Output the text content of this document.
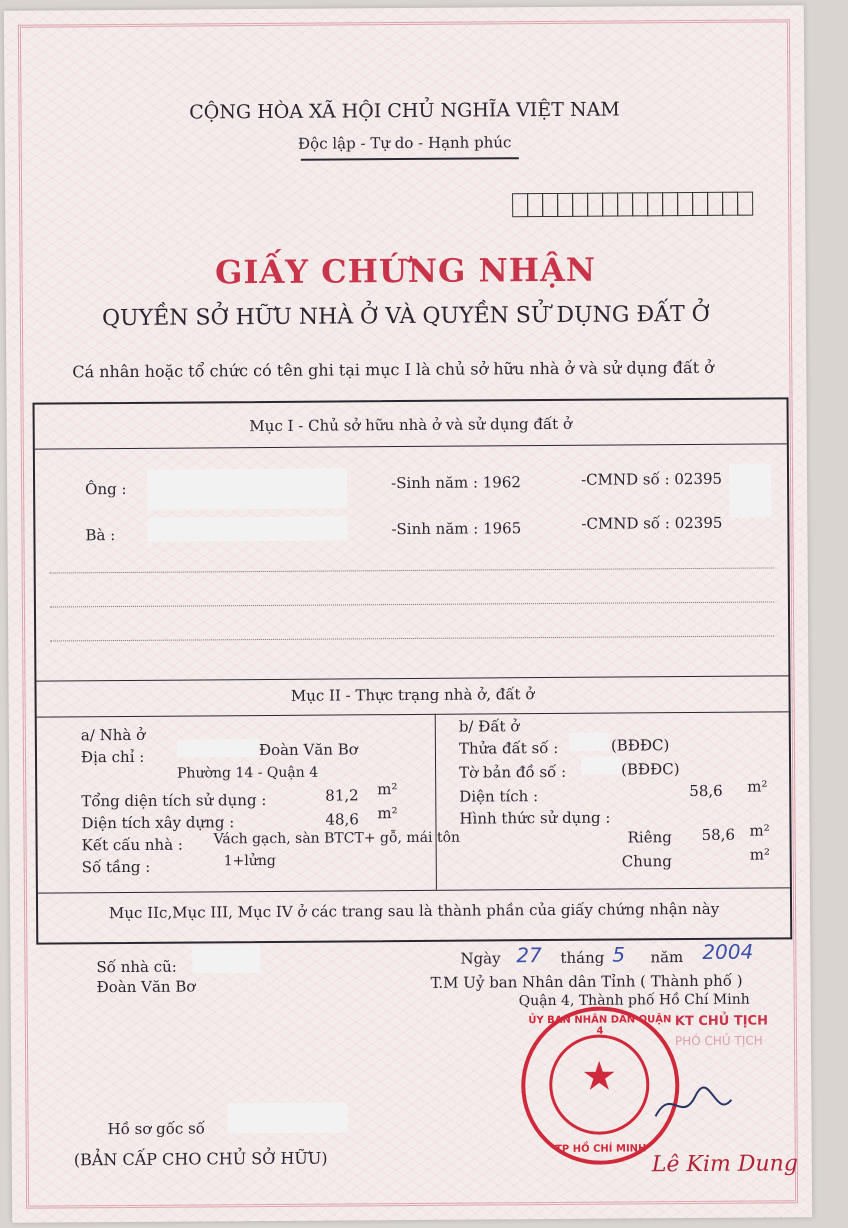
CỘNG HÒA XÃ HỘI CHỦ NGHĨA VIỆT NAM
Độc lập - Tự do - Hạnh phúc
GIẤY CHỨNG NHẬN
QUYỀN SỞ HỮU NHÀ Ở VÀ QUYỀN SỬ DỤNG ĐẤT Ở
Cá nhân hoặc tổ chức có tên ghi tại mục I là chủ sở hữu nhà ở và sử dụng đất ở
Mục I - Chủ sở hữu nhà ở và sử dụng đất ở
Ông :	-Sinh năm : 1962	-CMND số : 02395
Bà :	-Sinh năm : 1965	-CMND số : 02395
Mục II - Thực trạng nhà ở, đất ở
a/ Nhà ở
Địa chỉ :	Đoàn Văn Bơ
Phường 14 - Quận 4
Tổng diện tích sử dụng :	81,2 m²
Diện tích xây dựng :	48,6 m²
Kết cấu nhà : Vách gạch, sàn BTCT+ gỗ, mái tôn
Số tầng :	1+lửng
b/ Đất ở
Thửa đất số :	(BĐĐC)
Tờ bản đồ số :	(BĐĐC)
Diện tích :	58,6 m²
Hình thức sử dụng :
Riêng 58,6 m²
Chung	m²
Mục IIc,Mục III, Mục IV ở các trang sau là thành phần của giấy chứng nhận này
Số nhà cũ:
Đoàn Văn Bơ
Ngày 27 tháng 5 năm 2004
T.M Uỷ ban Nhân dân Tỉnh ( Thành phố )
Quận 4, Thành phố Hồ Chí Minh
KT CHỦ TỊCH
PHÓ CHỦ TỊCH
ỦY BAN NHÂN DÂN QUẬN 4
★
TP HỒ CHÍ MINH
Lê Kim Dung
Hồ sơ gốc số
(BẢN CẤP CHO CHỦ SỞ HỮU)
